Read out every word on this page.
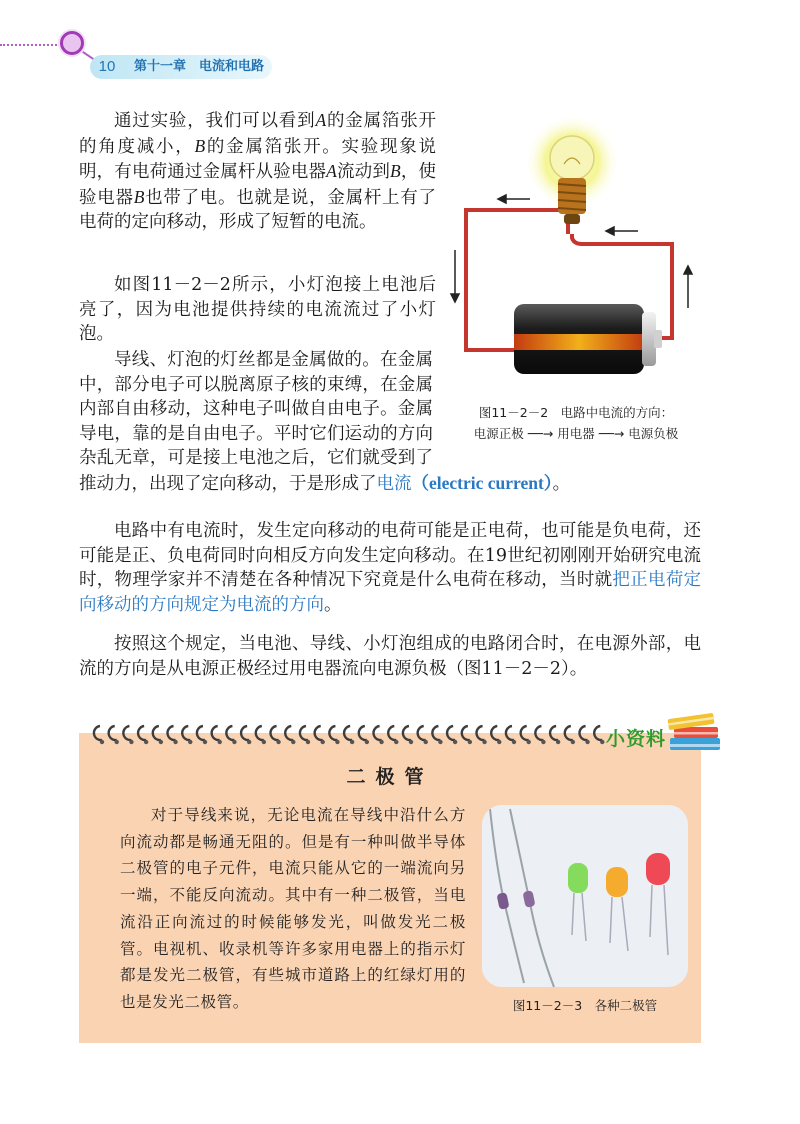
10	第十一章　电流和电路

通过实验，我们可以看到A的金属箔张开的角度减小，B的金属箔张开。实验现象说明，有电荷通过金属杆从验电器A流动到B，使验电器B也带了电。也就是说，金属杆上有了电荷的定向移动，形成了短暂的电流。

如图11－2－2所示，小灯泡接上电池后亮了，因为电池提供持续的电流流过了小灯泡。

导线、灯泡的灯丝都是金属做的。在金属中，部分电子可以脱离原子核的束缚，在金属内部自由移动，这种电子叫做自由电子。金属导电，靠的是自由电子。平时它们运动的方向杂乱无章，可是接上电池之后，它们就受到了推动力，出现了定向移动，于是形成了电流（electric current）。

电路中有电流时，发生定向移动的电荷可能是正电荷，也可能是负电荷，还可能是正、负电荷同时向相反方向发生定向移动。在19世纪初刚刚开始研究电流时，物理学家并不清楚在各种情况下究竟是什么电荷在移动，当时就把正电荷定向移动的方向规定为电流的方向。

按照这个规定，当电池、导线、小灯泡组成的电路闭合时，在电源外部，电流的方向是从电源正极经过用电器流向电源负极（图11－2－2）。

图11－2－2　电路中电流的方向：
电源正极 ──→ 用电器 ──→ 电源负极
小资料
二极管

对于导线来说，无论电流在导线中沿什么方向流动都是畅通无阻的。但是有一种叫做半导体二极管的电子元件，电流只能从它的一端流向另一端，不能反向流动。其中有一种二极管，当电流沿正向流过的时候能够发光，叫做发光二极管。电视机、收录机等许多家用电器上的指示灯都是发光二极管，有些城市道路上的红绿灯用的也是发光二极管。	图11－2－3　各种二极管
